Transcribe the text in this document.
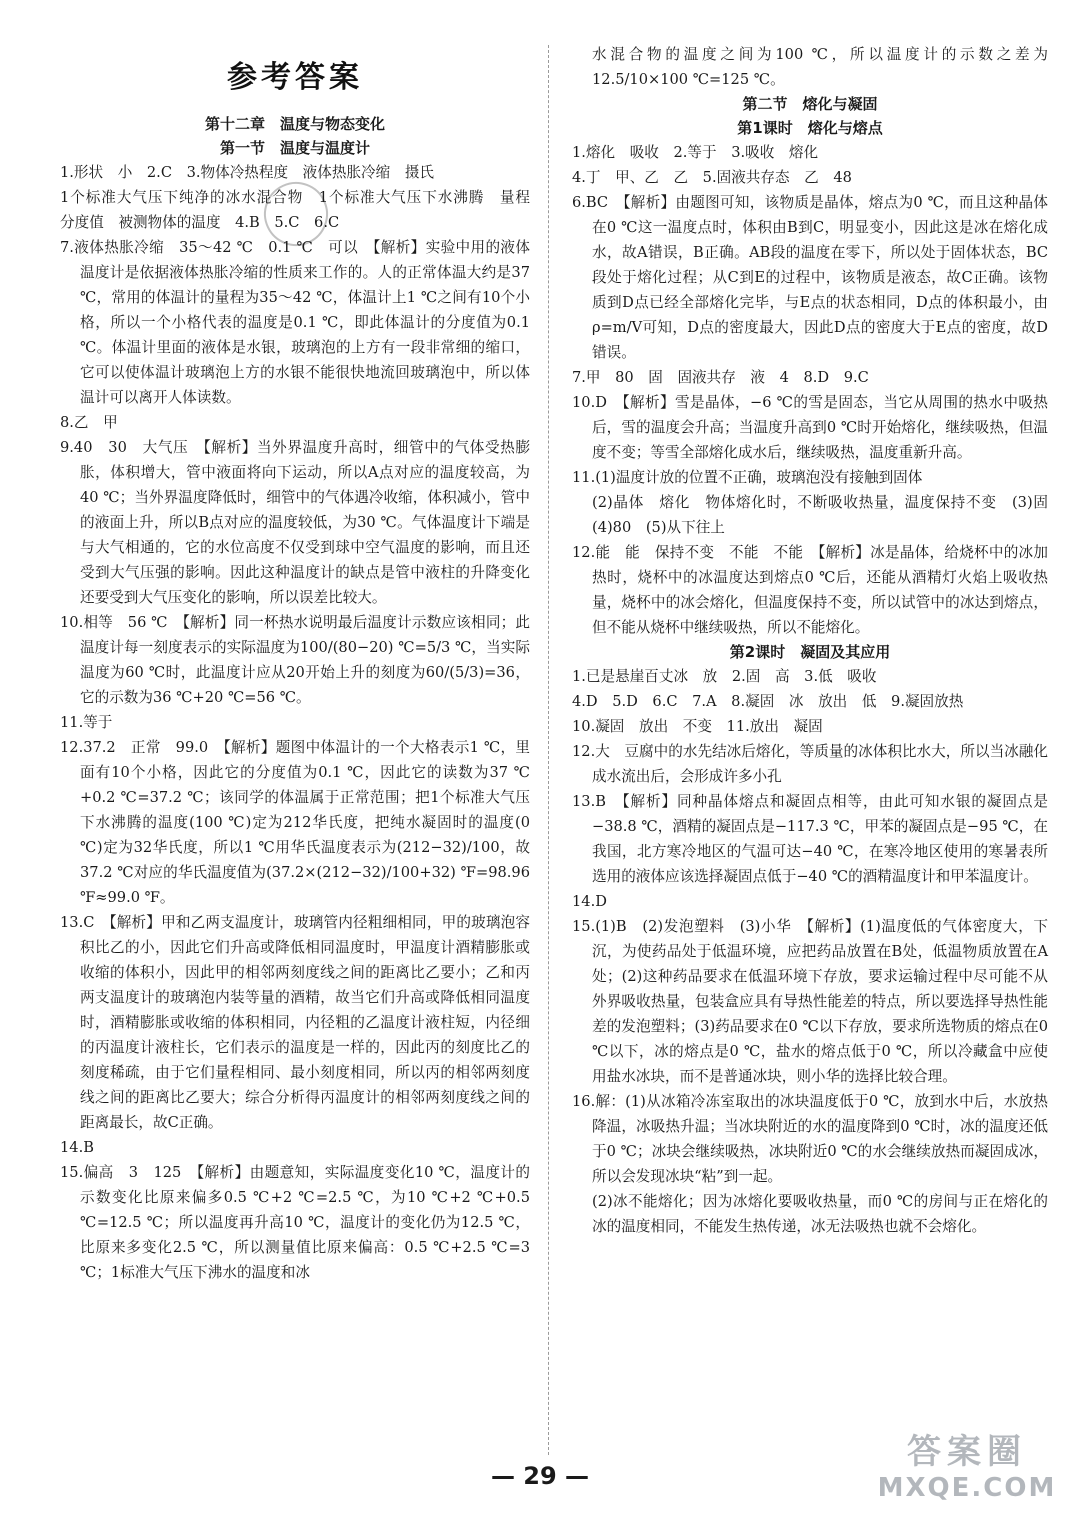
参考答案
第十二章　温度与物态变化
第一节　温度与温度计

1.形状　小　2.C　3.物体冷热程度　液体热胀冷缩　摄氏

1个标准大气压下纯净的冰水混合物　1个标准大气压下水沸腾　量程　分度值　被测物体的温度　4.B　5.C　6.C

7.液体热胀冷缩　35～42 ℃　0.1 ℃　可以　【解析】实验中用的液体温度计是依据液体热胀冷缩的性质来工作的。人的正常体温大约是37 ℃，常用的体温计的量程为35～42 ℃，体温计上1 ℃之间有10个小格，所以一个小格代表的温度是0.1 ℃，即此体温计的分度值为0.1 ℃。体温计里面的液体是水银，玻璃泡的上方有一段非常细的缩口，它可以使体温计玻璃泡上方的水银不能很快地流回玻璃泡中，所以体温计可以离开人体读数。

8.乙　甲

9.40　30　大气压　【解析】当外界温度升高时，细管中的气体受热膨胀，体积增大，管中液面将向下运动，所以A点对应的温度较高，为40 ℃；当外界温度降低时，细管中的气体遇冷收缩，体积减小，管中的液面上升，所以B点对应的温度较低，为30 ℃。气体温度计下端是与大气相通的，它的水位高度不仅受到球中空气温度的影响，而且还受到大气压强的影响。因此这种温度计的缺点是管中液柱的升降变化还要受到大气压变化的影响，所以误差比较大。

10.相等　56 ℃　【解析】同一杯热水说明最后温度计示数应该相同；此温度计每一刻度表示的实际温度为100/(80−20) ℃=5/3 ℃，当实际温度为60 ℃时，此温度计应从20开始上升的刻度为60/(5/3)=36，它的示数为36 ℃+20 ℃=56 ℃。

11.等于

12.37.2　正常　99.0　【解析】题图中体温计的一个大格表示1 ℃，里面有10个小格，因此它的分度值为0.1 ℃，因此它的读数为37 ℃+0.2 ℃=37.2 ℃；该同学的体温属于正常范围；把1个标准大气压下水沸腾的温度(100 ℃)定为212华氏度，把纯水凝固时的温度(0 ℃)定为32华氏度，所以1 ℃用华氏温度表示为(212−32)/100，故37.2 ℃对应的华氏温度值为(37.2×(212−32)/100+32) ℉=98.96 ℉≈99.0 ℉。

13.C　【解析】甲和乙两支温度计，玻璃管内径粗细相同，甲的玻璃泡容积比乙的小，因此它们升高或降低相同温度时，甲温度计酒精膨胀或收缩的体积小，因此甲的相邻两刻度线之间的距离比乙要小；乙和丙两支温度计的玻璃泡内装等量的酒精，故当它们升高或降低相同温度时，酒精膨胀或收缩的体积相同，内径粗的乙温度计液柱短，内径细的丙温度计液柱长，它们表示的温度是一样的，因此丙的刻度比乙的刻度稀疏，由于它们量程相同、最小刻度相同，所以丙的相邻两刻度线之间的距离比乙要大；综合分析得丙温度计的相邻两刻度线之间的距离最长，故C正确。

14.B

15.偏高　3　125　【解析】由题意知，实际温度变化10 ℃，温度计的示数变化比原来偏多0.5 ℃+2 ℃=2.5 ℃，为10 ℃+2 ℃+0.5 ℃=12.5 ℃；所以温度再升高10 ℃，温度计的变化仍为12.5 ℃，比原来多变化2.5 ℃，所以测量值比原来偏高：0.5 ℃+2.5 ℃=3 ℃；1标准大气压下沸水的温度和冰

水混合物的温度之间为100 ℃，所以温度计的示数之差为 12.5/10×100 ℃=125 ℃。

第二节　熔化与凝固
第1课时　熔化与熔点

1.熔化　吸收　2.等于　3.吸收　熔化

4.丁　甲、乙　乙　5.固液共存态　乙　48

6.BC　【解析】由题图可知，该物质是晶体，熔点为0 ℃，而且这种晶体在0 ℃这一温度点时，体积由B到C，明显变小，因此这是冰在熔化成水，故A错误，B正确。AB段的温度在零下，所以处于固体状态，BC段处于熔化过程；从C到E的过程中，该物质是液态，故C正确。该物质到D点已经全部熔化完毕，与E点的状态相同，D点的体积最小，由ρ=m/V可知，D点的密度最大，因此D点的密度大于E点的密度，故D错误。

7.甲　80　固　固液共存　液　4　8.D　9.C

10.D　【解析】雪是晶体，−6 ℃的雪是固态，当它从周围的热水中吸热后，雪的温度会升高；当温度升高到0 ℃时开始熔化，继续吸热，但温度不变；等雪全部熔化成水后，继续吸热，温度重新升高。

11.(1)温度计放的位置不正确，玻璃泡没有接触到固体

(2)晶体　熔化　物体熔化时，不断吸收热量，温度保持不变　(3)固　(4)80　(5)从下往上

12.能　能　保持不变　不能　不能　【解析】冰是晶体，给烧杯中的冰加热时，烧杯中的冰温度达到熔点0 ℃后，还能从酒精灯火焰上吸收热量，烧杯中的冰会熔化，但温度保持不变，所以试管中的冰达到熔点，但不能从烧杯中继续吸热，所以不能熔化。

第2课时　凝固及其应用

1.已是悬崖百丈冰　放　2.固　高　3.低　吸收

4.D　5.D　6.C　7.A　8.凝固　冰　放出　低　9.凝固放热

10.凝固　放出　不变　11.放出　凝固

12.大　豆腐中的水先结冰后熔化，等质量的冰体积比水大，所以当冰融化成水流出后，会形成许多小孔

13.B　【解析】同种晶体熔点和凝固点相等，由此可知水银的凝固点是−38.8 ℃，酒精的凝固点是−117.3 ℃，甲苯的凝固点是−95 ℃，在我国，北方寒冷地区的气温可达−40 ℃，在寒冷地区使用的寒暑表所选用的液体应该选择凝固点低于−40 ℃的酒精温度计和甲苯温度计。

14.D

15.(1)B　(2)发泡塑料　(3)小华　【解析】(1)温度低的气体密度大，下沉，为使药品处于低温环境，应把药品放置在B处，低温物质放置在A处；(2)这种药品要求在低温环境下存放，要求运输过程中尽可能不从外界吸收热量，包装盒应具有导热性能差的特点，所以要选择导热性能差的发泡塑料；(3)药品要求在0 ℃以下存放，要求所选物质的熔点在0 ℃以下，冰的熔点是0 ℃，盐水的熔点低于0 ℃，所以冷藏盒中应使用盐水冰块，而不是普通冰块，则小华的选择比较合理。

16.解：(1)从冰箱冷冻室取出的冰块温度低于0 ℃，放到水中后，水放热降温，冰吸热升温；当冰块附近的水的温度降到0 ℃时，冰的温度还低于0 ℃；冰块会继续吸热，冰块附近0 ℃的水会继续放热而凝固成冰，所以会发现冰块“粘”到一起。

(2)冰不能熔化；因为冰熔化要吸收热量，而0 ℃的房间与正在熔化的冰的温度相同，不能发生热传递，冰无法吸热也就不会熔化。

— 29 —
答案圈
MXQE.COM
